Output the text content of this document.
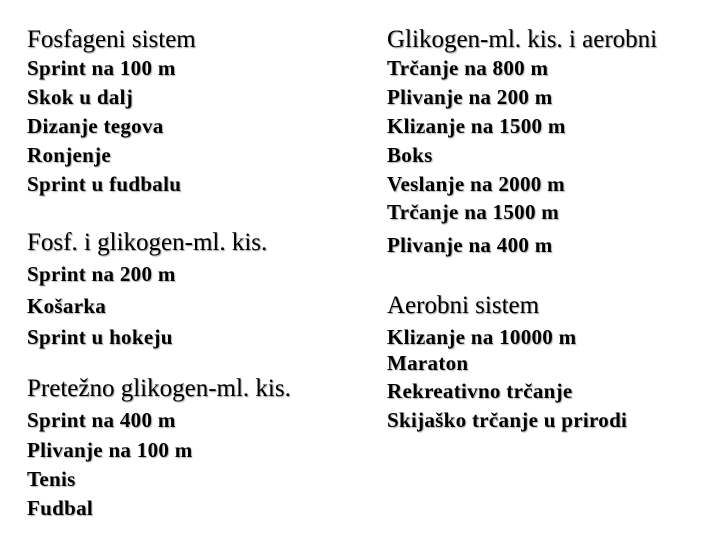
Fosfageni sistem
Sprint na 100 m
Skok u dalj
Dizanje tegova
Ronjenje
Sprint u fudbalu
Fosf. i glikogen-ml. kis.
Sprint na 200 m
Košarka
Sprint u hokeju
Pretežno glikogen-ml. kis.
Sprint na 400 m
Plivanje na 100 m
Tenis
Fudbal
Glikogen-ml. kis. i aerobni
Trčanje na 800 m
Plivanje na 200 m
Klizanje na 1500 m
Boks
Veslanje na 2000 m
Trčanje na 1500 m
Plivanje na 400 m
Aerobni sistem
Klizanje na 10000 m
Maraton
Rekreativno trčanje
Skijaško trčanje u prirodi
